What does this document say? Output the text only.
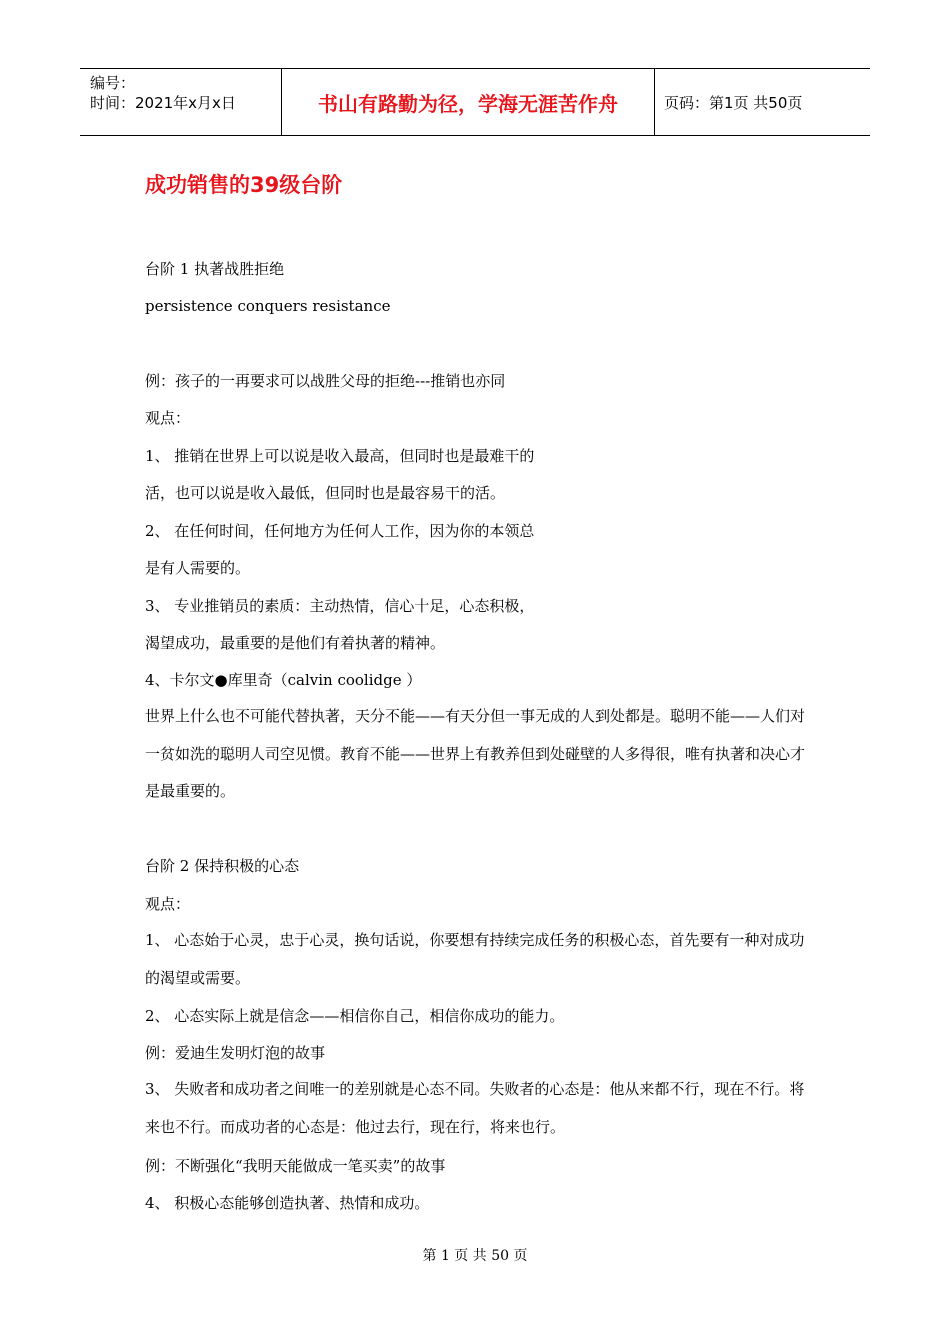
编号：
时间：2021年x月x日	书山有路勤为径，学海无涯苦作舟	页码：第1页 共50页
成功销售的39级台阶
台阶 1 执著战胜拒绝
persistence conquers resistance
例：孩子的一再要求可以战胜父母的拒绝---推销也亦同
观点：
1、 推销在世界上可以说是收入最高，但同时也是最难干的
活，也可以说是收入最低，但同时也是最容易干的活。
2、 在任何时间，任何地方为任何人工作，因为你的本领总
是有人需要的。
3、 专业推销员的素质：主动热情，信心十足，心态积极，
渴望成功，最重要的是他们有着执著的精神。
4、卡尔文●库里奇（calvin coolidge ）
世界上什么也不可能代替执著，天分不能——有天分但一事无成的人到处都是。聪明不能——人们对一贫如洗的聪明人司空见惯。教育不能——世界上有教养但到处碰壁的人多得很，唯有执著和决心才是最重要的。
台阶 2 保持积极的心态
观点：
1、 心态始于心灵，忠于心灵，换句话说，你要想有持续完成任务的积极心态，首先要有一种对成功的渴望或需要。
2、 心态实际上就是信念——相信你自己，相信你成功的能力。
例：爱迪生发明灯泡的故事
3、 失败者和成功者之间唯一的差别就是心态不同。失败者的心态是：他从来都不行，现在不行。将来也不行。而成功者的心态是：他过去行，现在行，将来也行。
例：不断强化“我明天能做成一笔买卖”的故事
4、 积极心态能够创造执著、热情和成功。
第 1 页 共 50 页
